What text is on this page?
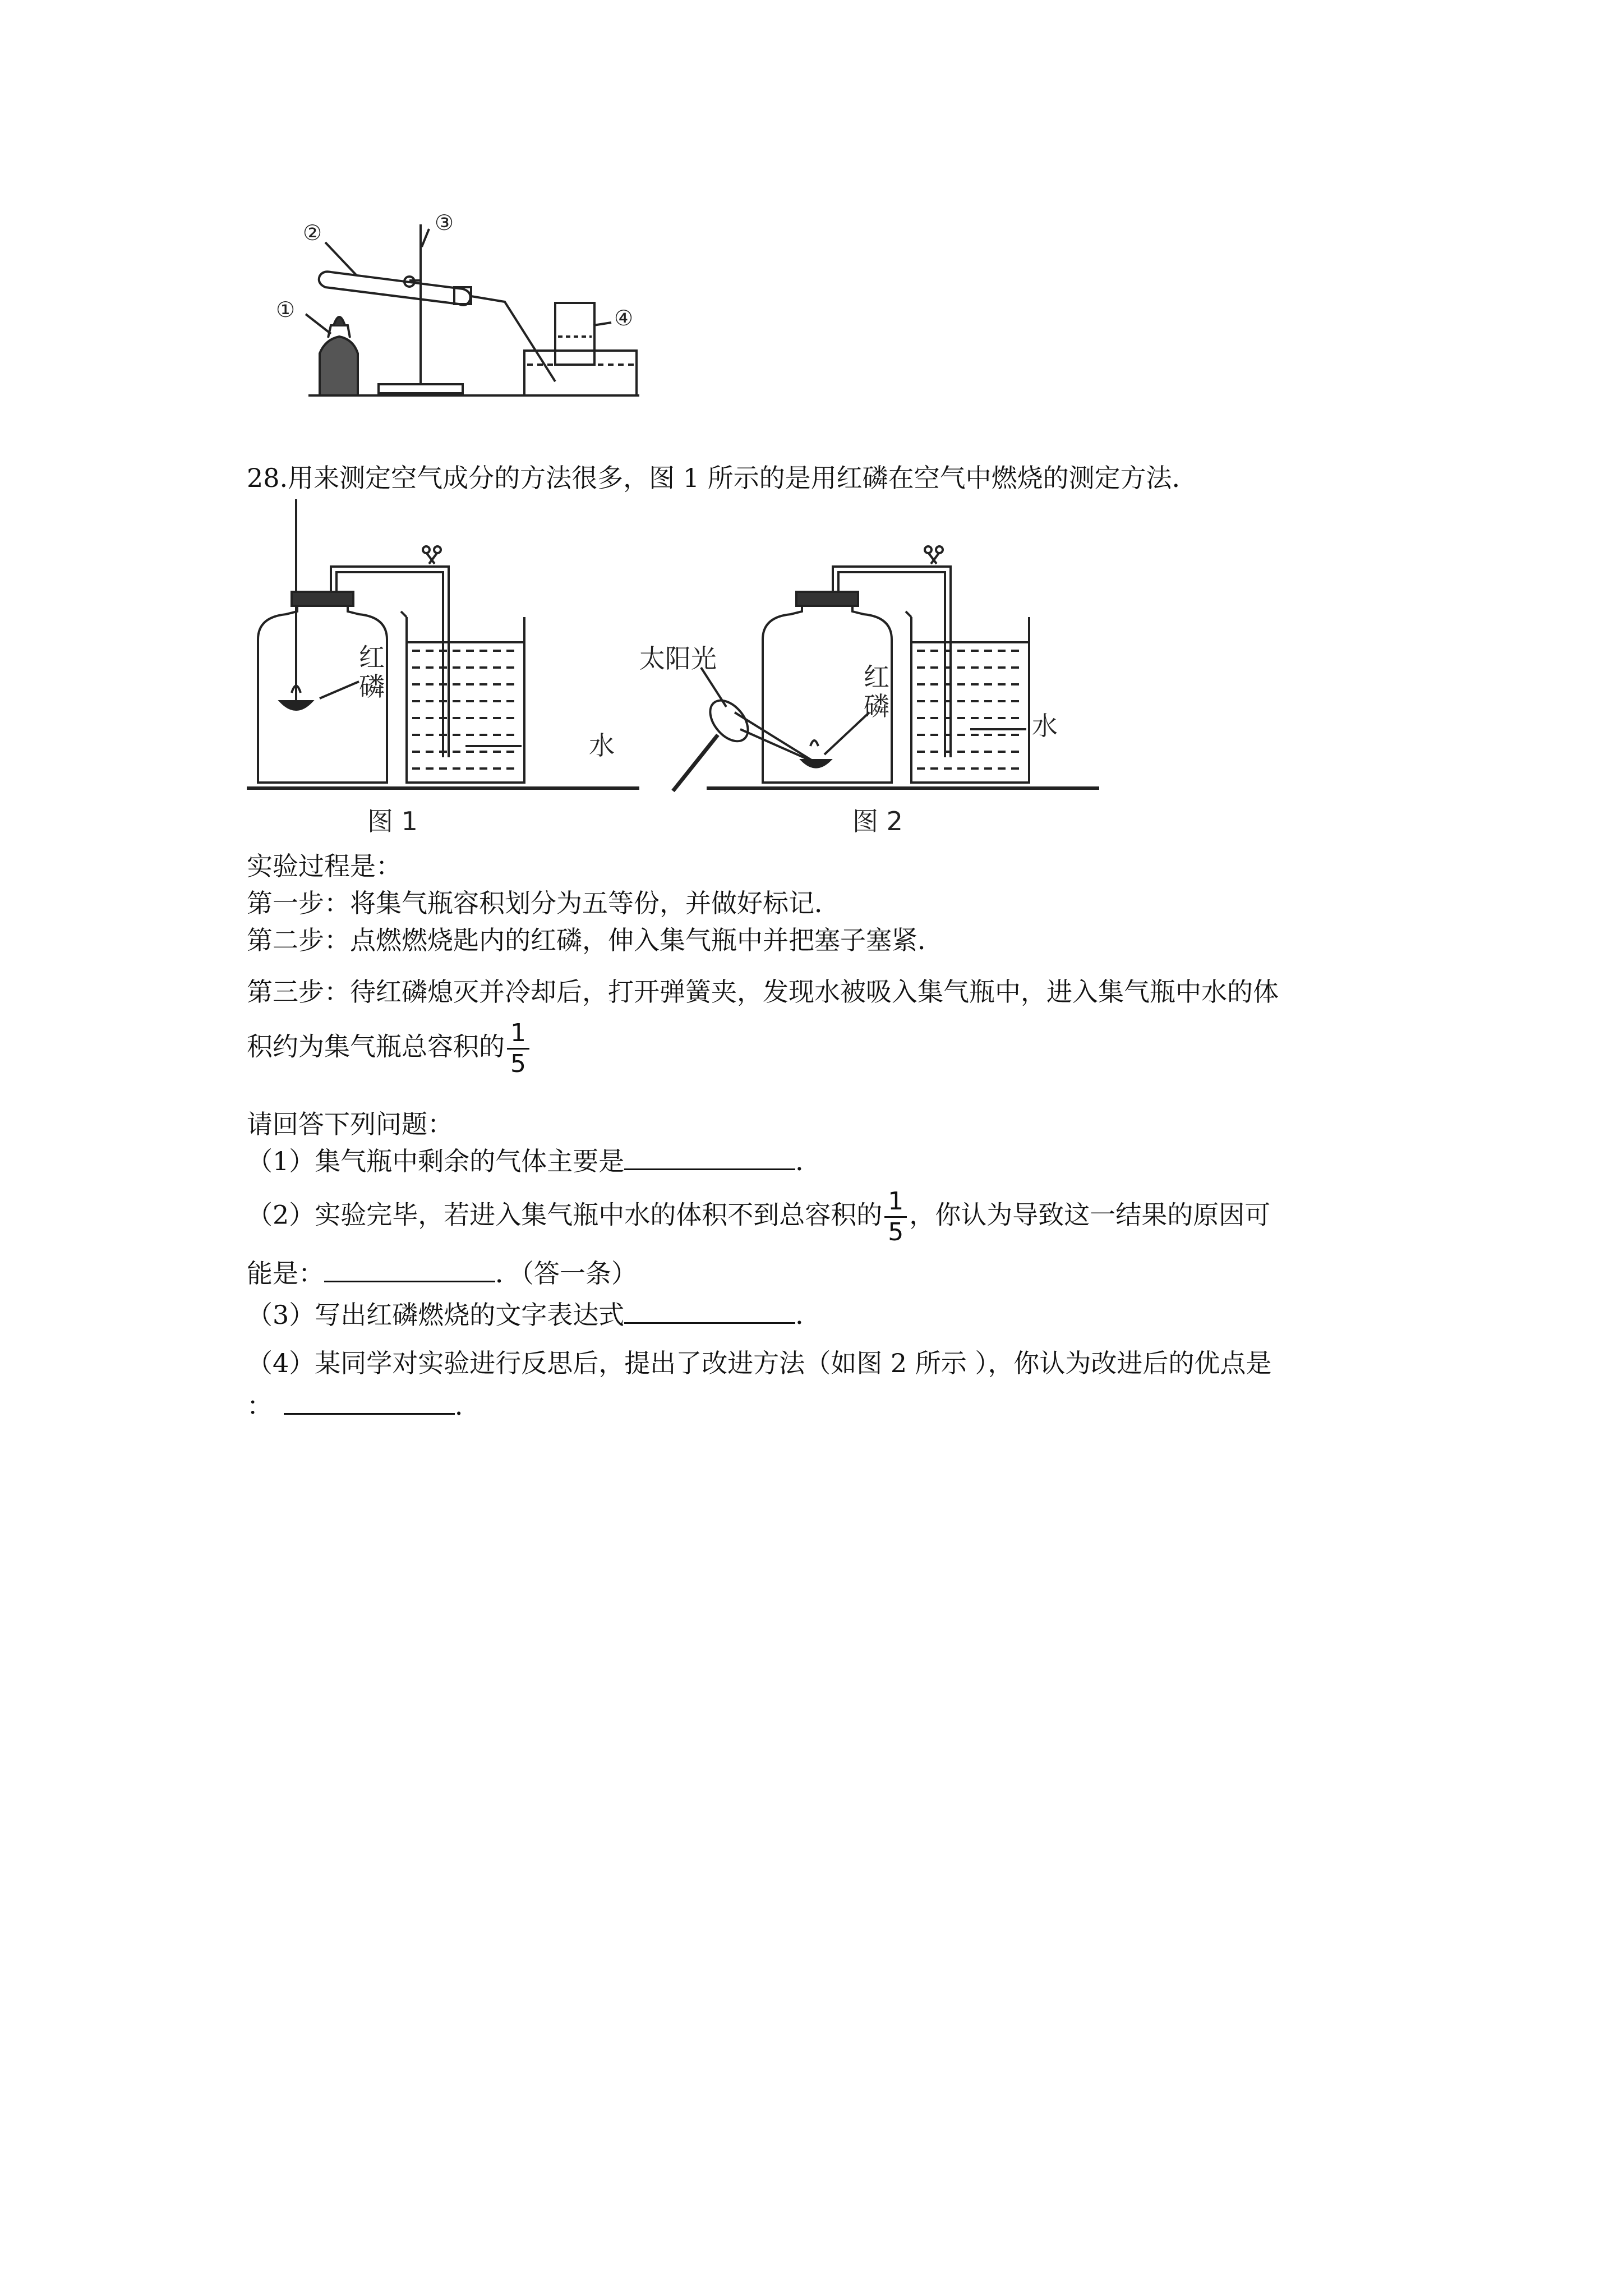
①
②	③
④
28.用来测定空气成分的方法很多，图 1 所示的是用红磷在空气中燃烧的测定方法．
红
磷
水
图 1
太阳光
红
磷
水
图 2
实验过程是：
第一步：将集气瓶容积划分为五等份，并做好标记．
第二步：点燃燃烧匙内的红磷，伸入集气瓶中并把塞子塞紧．
第三步：待红磷熄灭并冷却后，打开弹簧夹，发现水被吸入集气瓶中，进入集气瓶中水的体
积约为集气瓶总容积的 $\frac{1}{5}$
请回答下列问题：
（1）集气瓶中剩余的气体主要是	．
（2）实验完毕，若进入集气瓶中水的体积不到总容积的 $\frac{1}{5}$ ，你认为导致这一结果的原因可
能是：	．（答一条）
（3）写出红磷燃烧的文字表达式	．
（4）某同学对实验进行反思后，提出了改进方法（如图 2 所示 ），你认为改进后的优点是
：	．
